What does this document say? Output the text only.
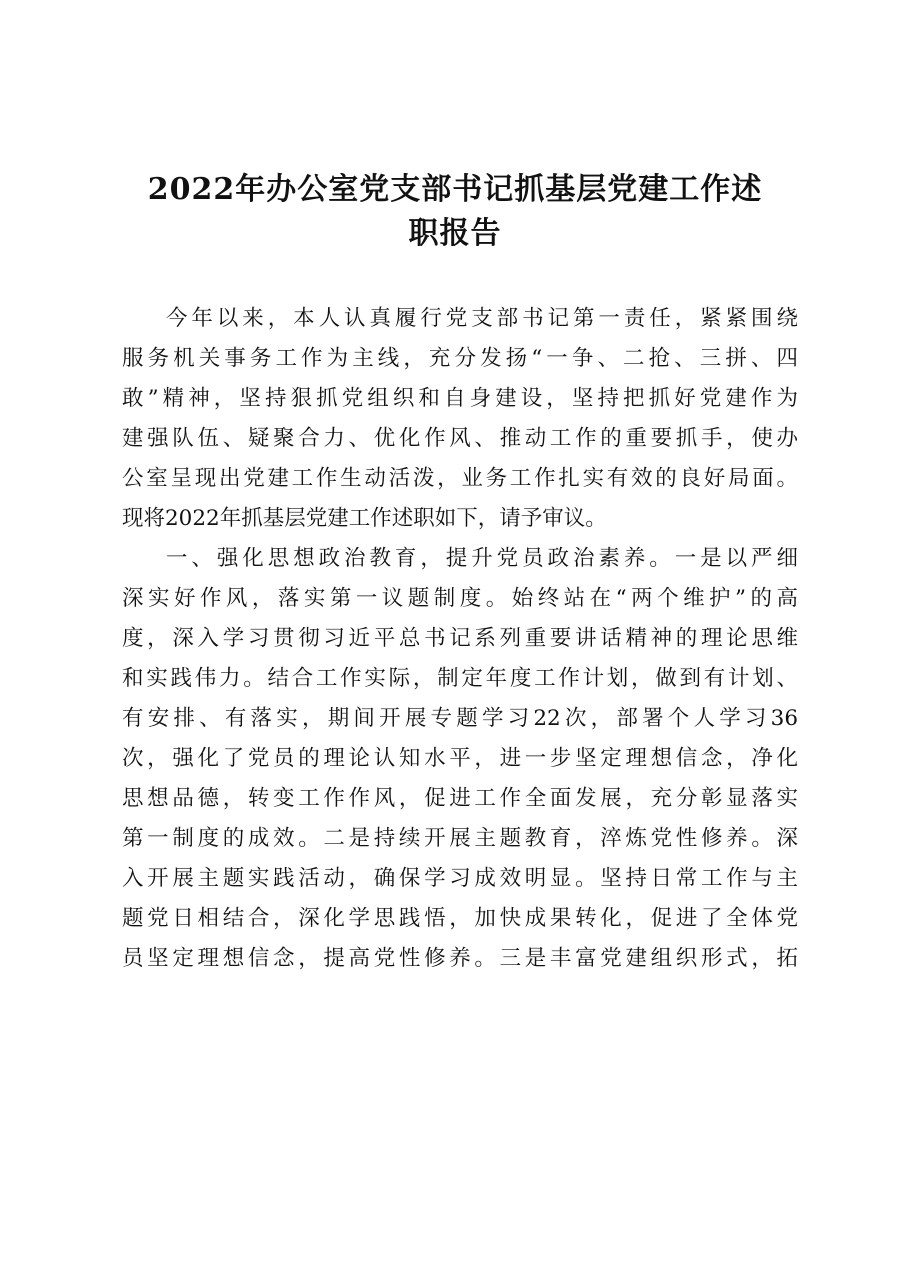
2022年办公室党支部书记抓基层党建工作述
职报告
今年以来，本人认真履行党支部书记第一责任，紧紧围绕
服务机关事务工作为主线，充分发扬“一争、二抢、三拼、四
敢”精神，坚持狠抓党组织和自身建设，坚持把抓好党建作为
建强队伍、疑聚合力、优化作风、推动工作的重要抓手，使办
公室呈现出党建工作生动活泼，业务工作扎实有效的良好局面。
现将2022年抓基层党建工作述职如下，请予审议。
一、强化思想政治教育，提升党员政治素养。一是以严细
深实好作风，落实第一议题制度。始终站在“两个维护”的高
度，深入学习贯彻习近平总书记系列重要讲话精神的理论思维
和实践伟力。结合工作实际，制定年度工作计划，做到有计划、
有安排、有落实，期间开展专题学习22次，部署个人学习36
次，强化了党员的理论认知水平，进一步坚定理想信念，净化
思想品德，转变工作作风，促进工作全面发展，充分彰显落实
第一制度的成效。二是持续开展主题教育，淬炼党性修养。深
入开展主题实践活动，确保学习成效明显。坚持日常工作与主
题党日相结合，深化学思践悟，加快成果转化，促进了全体党
员坚定理想信念，提高党性修养。三是丰富党建组织形式，拓
